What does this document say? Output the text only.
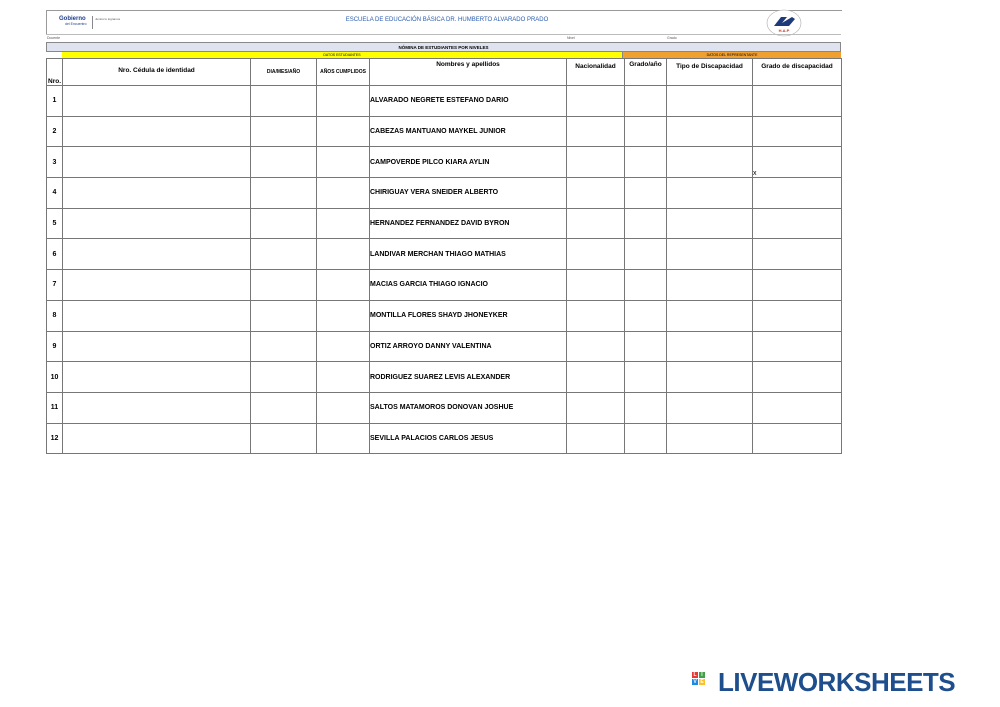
Gobierno
del Encuentro
Juntos lo logramos	ESCUELA DE EDUCACIÓN BÁSICA DR. HUMBERTO ALVARADO PRADO
H.A.P
Docente	Nivel	Grado
NÓMINA DE ESTUDIANTES POR NIVELES
DATOS ESTUDIANTES	DATOS DEL REPRESENTANTE
Nro.	Nro. Cédula de identidad	DIA/MES/AÑO	AÑOS CUMPLIDOS	Nombres y apellidos	Nacionalidad	Grado/año	Tipo de Discapacidad	Grado de discapacidad

1				ALVARADO NEGRETE ESTEFANO DARIO				
2				CABEZAS MANTUANO MAYKEL JUNIOR				
3				CAMPOVERDE PILCO KIARA AYLIN				x
4				CHIRIGUAY VERA SNEIDER ALBERTO				
5				HERNANDEZ FERNANDEZ DAVID BYRON				
6				LANDIVAR MERCHAN THIAGO MATHIAS				
7				MACIAS GARCIA THIAGO IGNACIO				
8				MONTILLA FLORES SHAYD JHONEYKER				
9				ORTIZ ARROYO DANNY VALENTINA				
10				RODRIGUEZ SUAREZ LEVIS ALEXANDER				
11				SALTOS MATAMOROS DONOVAN JOSHUE				
12				SEVILLA PALACIOS CARLOS JESUS				
L I
V E LIVEWORKSHEETS
